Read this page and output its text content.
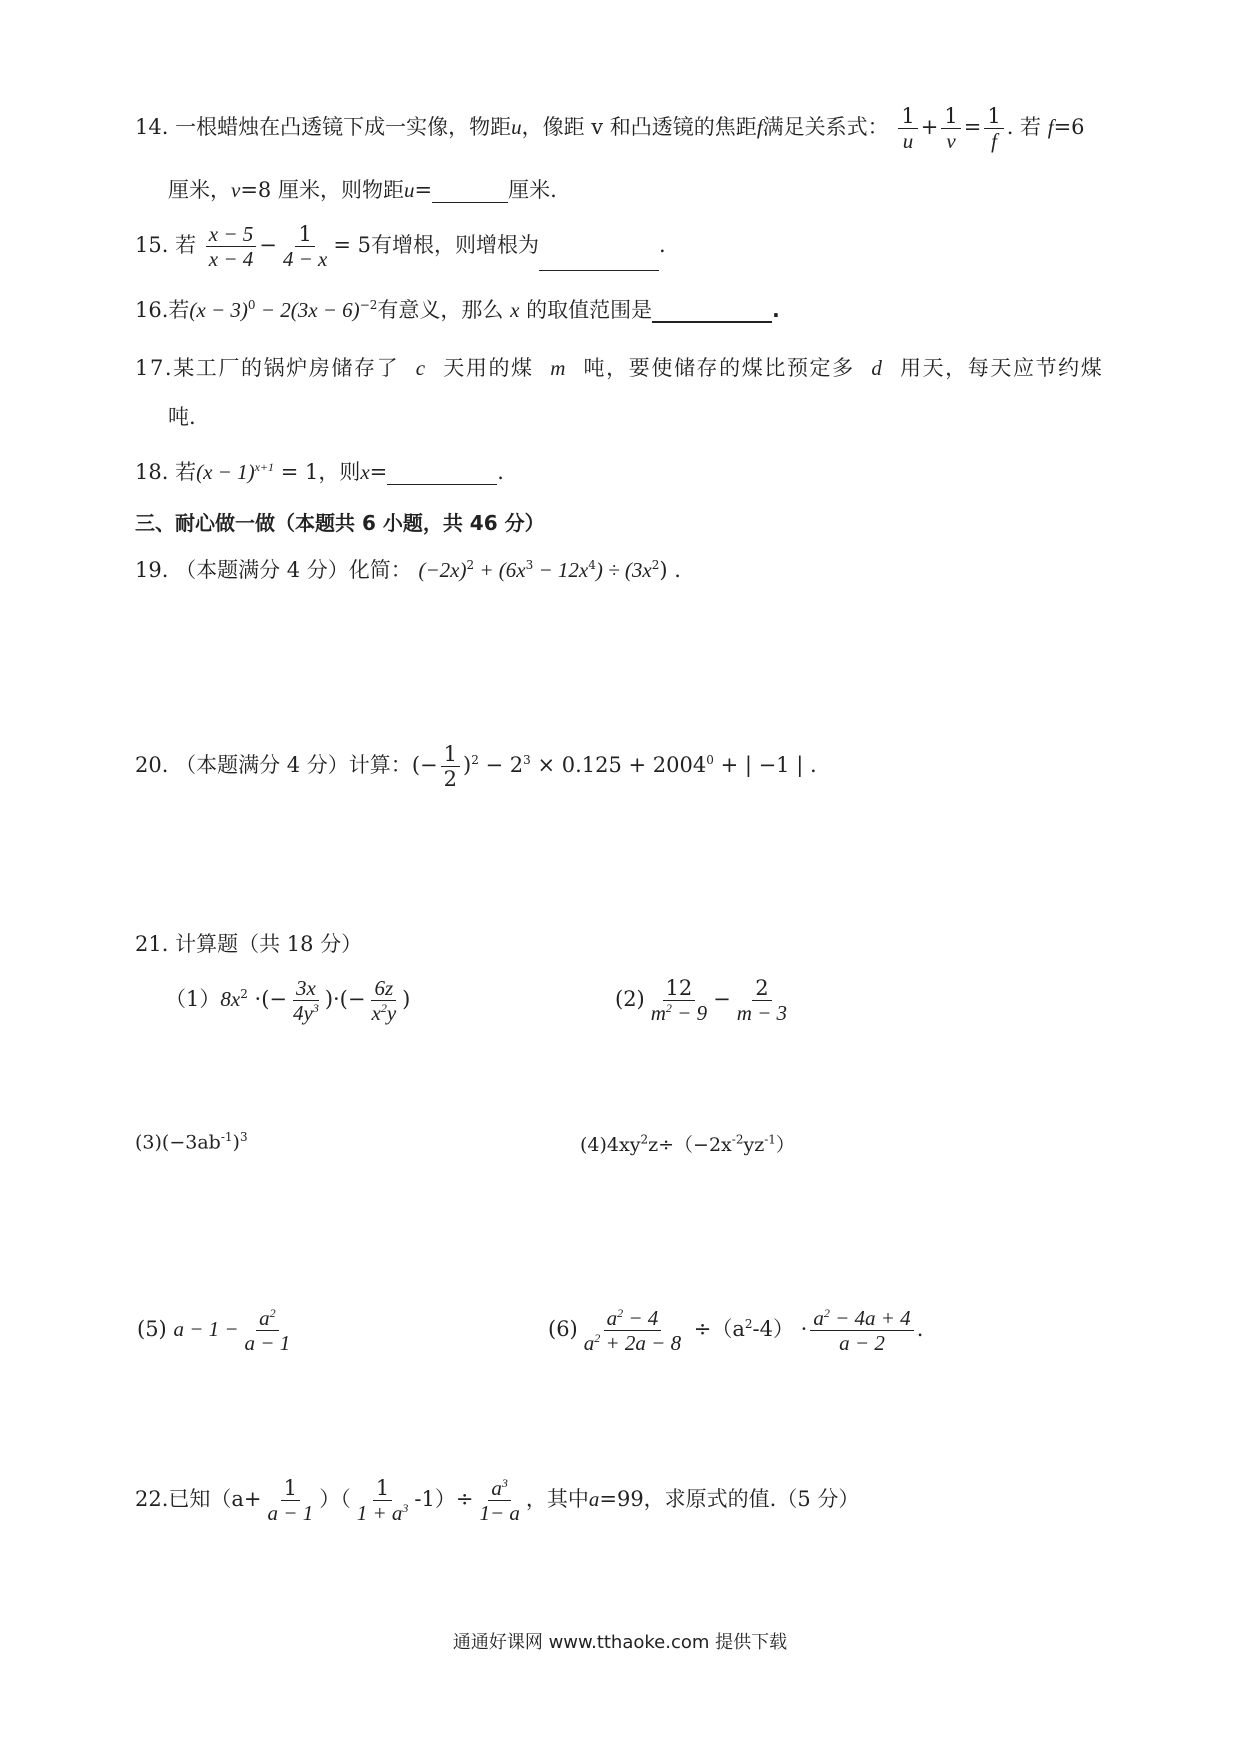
14. 一根蜡烛在凸透镜下成一实像，物距u，像距 v 和凸透镜的焦距f满足关系式： $\frac{1}{u} + \frac{1}{v} = \frac{1}{f}$ . 若 f=6
厘米，v=8 厘米，则物距u=	厘米.
15. 若 $\frac{x - 5}{x - 4} - \frac{1}{4 - x} = 5$有增根，则增根为	.
16.若$(x - 3)^0 - 2(3x - 6)^{-2}$有意义，那么 x 的取值范围是	.
17.某工厂的锅炉房储存了 c 天用的煤 m 吨，要使储存的煤比预定多 d 用天，每天应节约煤
吨.
18. 若$(x - 1)^{x+1} = 1$，则x=	.
三、耐心做一做（本题共 6 小题，共 46 分）
19. （本题满分 4 分）化简： $(-2x)^2 + (6x^3 - 12x^4) \div (3x^2)$ .
20. （本题满分 4 分）计算：(− $\frac{1}{2} )^2 - 2^3 \times 0.125 + 2004^0$ + | −1 | .
21. 计算题（共 18 分）
$(1)8x^2$ ·(− $\frac{3x}{4y^3}$ )·(− $\frac{6z}{x^2y}$ )	$(2) \frac{12}{m^2 - 9} - \frac{2}{m - 3}$
$(3)(-3ab^{-1})^3$	$(4)4xy^2z\div(-2x^{-2}yz^{-1})$
(5) $a - 1 - \frac{a^2}{a - 1}$	$(6) \frac{a^2 - 4}{a^2 + 2a - 8} \div(a^2-4) \cdot \frac{a^2 - 4a + 4}{a - 2}$ .
22.已知（$a+ \frac{1}{a - 1}$ ）（ $\frac{1}{1 + a^3} -1)\div \frac{a^3}{1- a}$ ，其中a=99，求原式的值.（5 分）
通通好课网 www.tthaoke.com 提供下载
